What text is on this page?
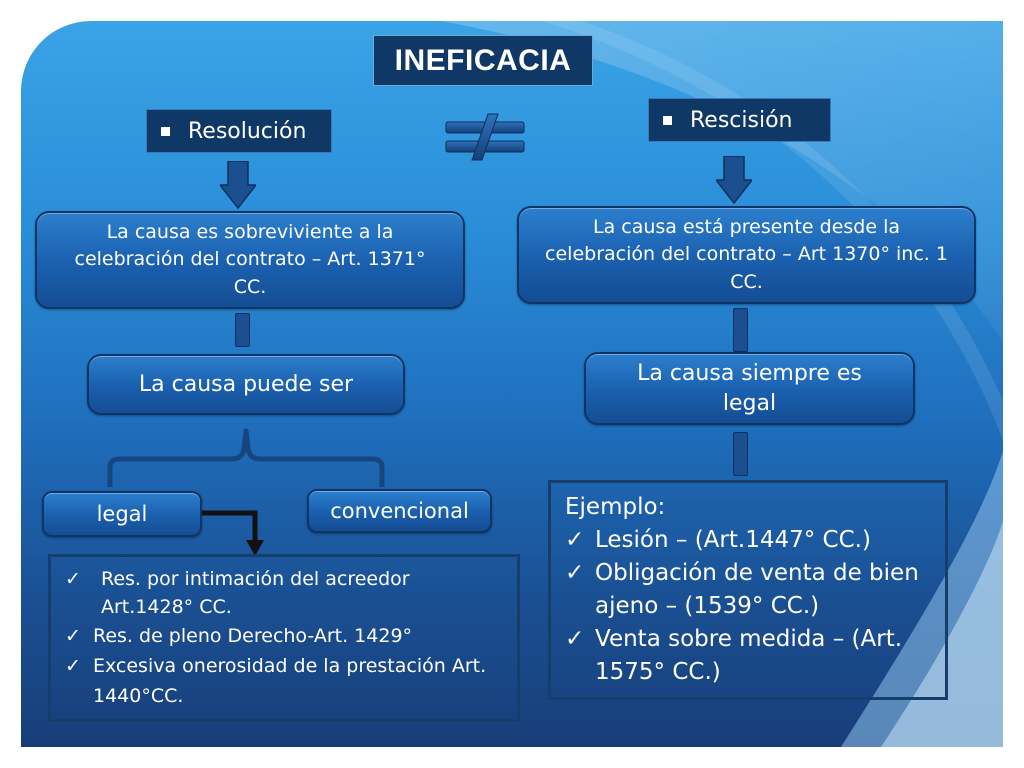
INEFICACIA
Resolución	Rescisión
La causa es sobreviviente a la celebración del contrato – Art. 1371° CC.
La causa está presente desde la celebración del contrato – Art 1370° inc. 1 CC.
La causa puede ser	La causa siempre es legal
legal	convencional
✓ Res. por intimación del acreedor Art.1428° CC.
✓ Res. de pleno Derecho-Art. 1429°
✓ Excesiva onerosidad de la prestación Art. 1440°CC.
Ejemplo:
✓ Lesión – (Art.1447° CC.)
✓ Obligación de venta de bien ajeno – (1539° CC.)
✓ Venta sobre medida – (Art. 1575° CC.)
